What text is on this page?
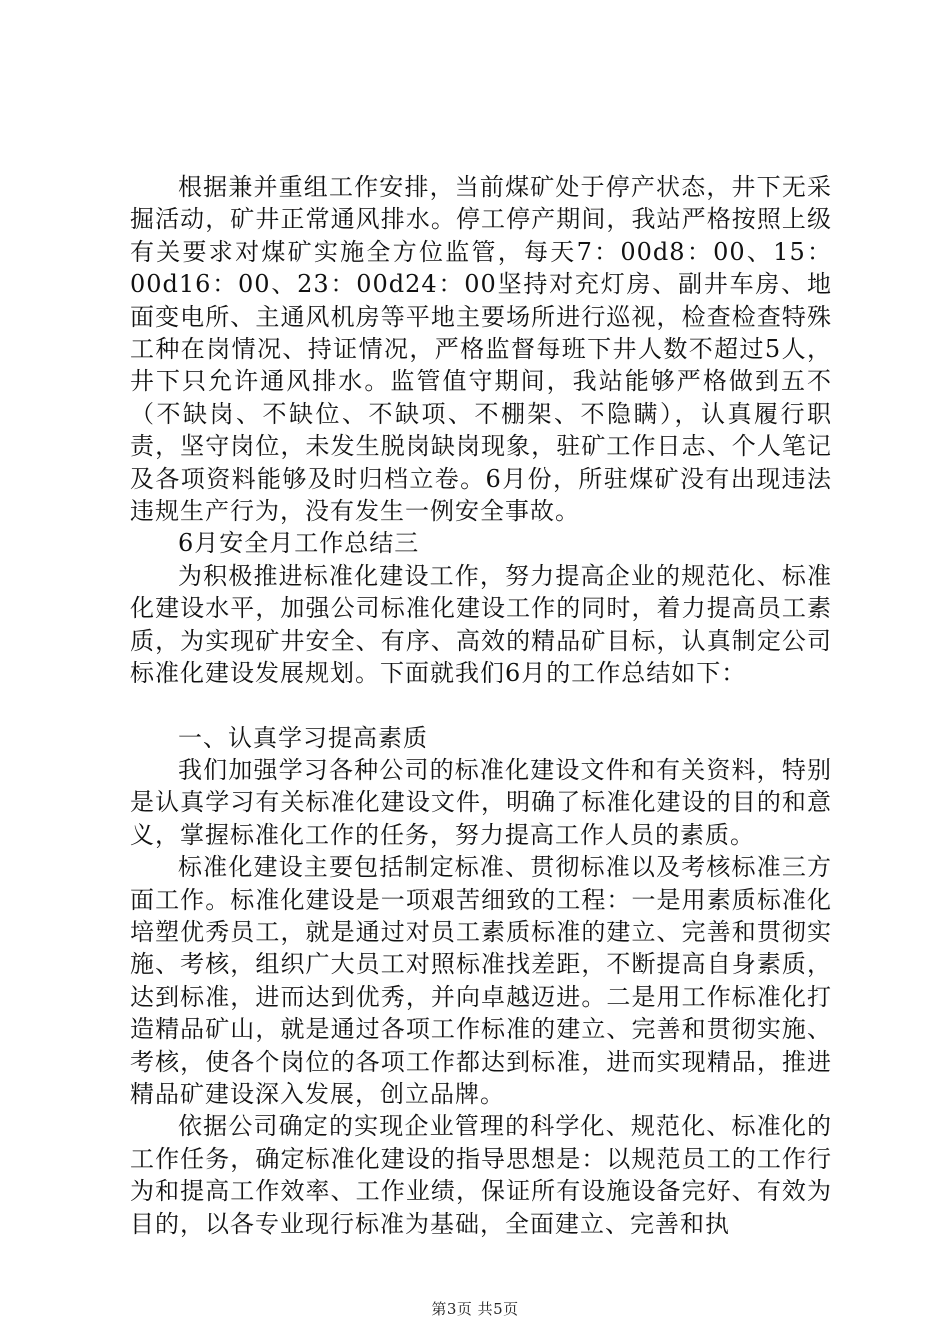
根据兼并重组工作安排，当前煤矿处于停产状态，井下无采掘活动，矿井正常通风排水。停工停产期间，我站严格按照上级有关要求对煤矿实施全方位监管，每天7：00d8：00、15：00d16：00、23：00d24：00坚持对充灯房、副井车房、地面变电所、主通风机房等平地主要场所进行巡视，检查检查特殊工种在岗情况、持证情况，严格监督每班下井人数不超过5人，井下只允许通风排水。监管值守期间，我站能够严格做到五不（不缺岗、不缺位、不缺项、不棚架、不隐瞒），认真履行职责，坚守岗位，未发生脱岗缺岗现象，驻矿工作日志、个人笔记及各项资料能够及时归档立卷。6月份，所驻煤矿没有出现违法违规生产行为，没有发生一例安全事故。

6月安全月工作总结三

为积极推进标准化建设工作，努力提高企业的规范化、标准化建设水平，加强公司标准化建设工作的同时，着力提高员工素质，为实现矿井安全、有序、高效的精品矿目标，认真制定公司标准化建设发展规划。下面就我们6月的工作总结如下：

一、认真学习提高素质

我们加强学习各种公司的标准化建设文件和有关资料，特别是认真学习有关标准化建设文件，明确了标准化建设的目的和意义，掌握标准化工作的任务，努力提高工作人员的素质。

标准化建设主要包括制定标准、贯彻标准以及考核标准三方面工作。标准化建设是一项艰苦细致的工程：一是用素质标准化培塑优秀员工，就是通过对员工素质标准的建立、完善和贯彻实施、考核，组织广大员工对照标准找差距，不断提高自身素质，达到标准，进而达到优秀，并向卓越迈进。二是用工作标准化打造精品矿山，就是通过各项工作标准的建立、完善和贯彻实施、考核，使各个岗位的各项工作都达到标准，进而实现精品，推进精品矿建设深入发展，创立品牌。

依据公司确定的实现企业管理的科学化、规范化、标准化的工作任务，确定标准化建设的指导思想是：以规范员工的工作行为和提高工作效率、工作业绩，保证所有设施设备完好、有效为目的，以各专业现行标准为基础，全面建立、完善和执

第3页 共5页
